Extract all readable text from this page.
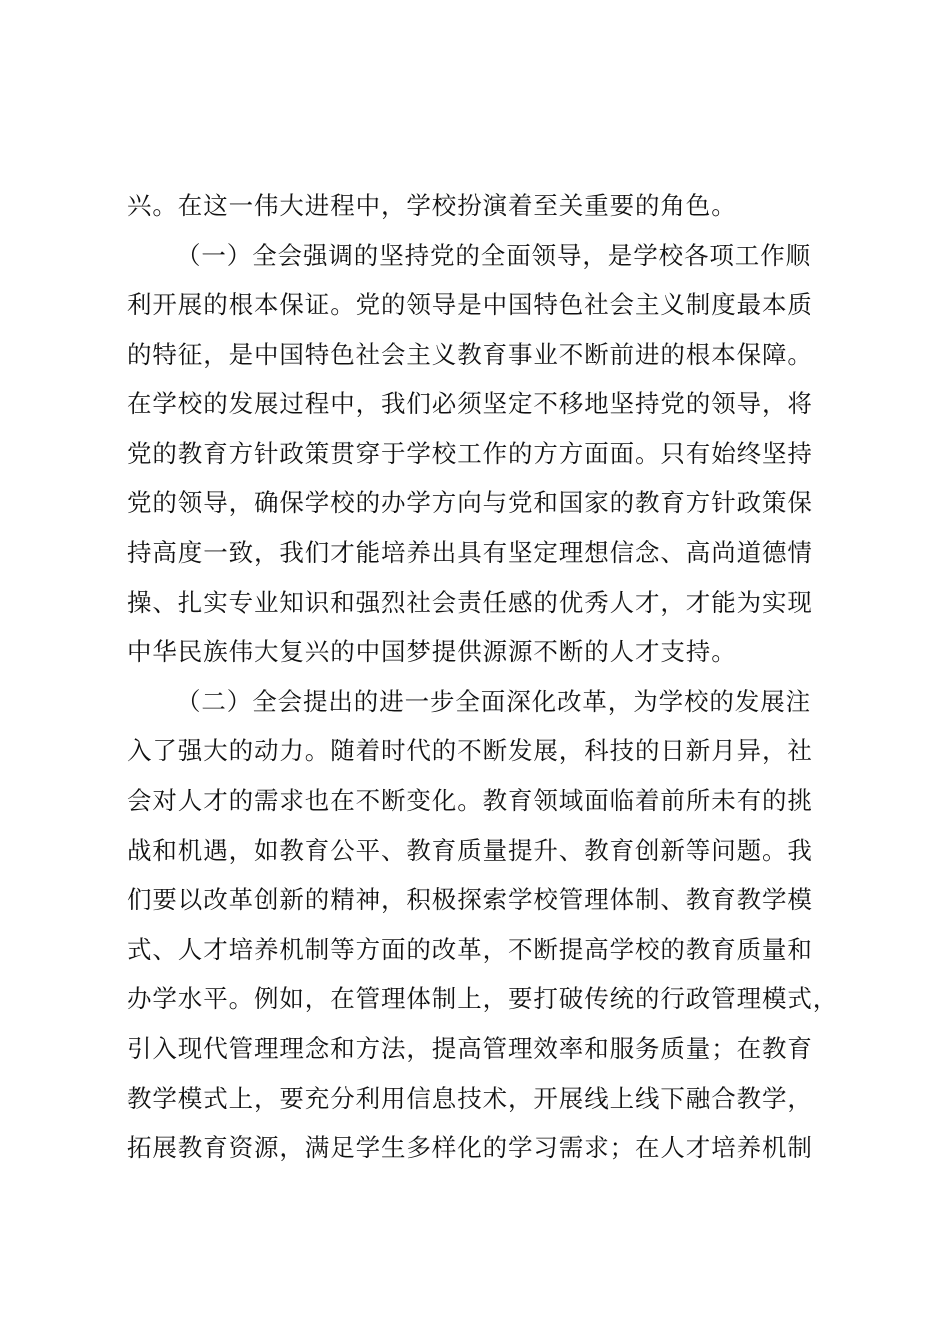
兴。在这一伟大进程中，学校扮演着至关重要的角色。
（一）全会强调的坚持党的全面领导，是学校各项工作顺
利开展的根本保证。党的领导是中国特色社会主义制度最本质
的特征，是中国特色社会主义教育事业不断前进的根本保障。
在学校的发展过程中，我们必须坚定不移地坚持党的领导，将
党的教育方针政策贯穿于学校工作的方方面面。只有始终坚持
党的领导，确保学校的办学方向与党和国家的教育方针政策保
持高度一致，我们才能培养出具有坚定理想信念、高尚道德情
操、扎实专业知识和强烈社会责任感的优秀人才，才能为实现
中华民族伟大复兴的中国梦提供源源不断的人才支持。
（二）全会提出的进一步全面深化改革，为学校的发展注
入了强大的动力。随着时代的不断发展，科技的日新月异，社
会对人才的需求也在不断变化。教育领域面临着前所未有的挑
战和机遇，如教育公平、教育质量提升、教育创新等问题。我
们要以改革创新的精神，积极探索学校管理体制、教育教学模
式、人才培养机制等方面的改革，不断提高学校的教育质量和
办学水平。例如，在管理体制上，要打破传统的行政管理模式，
引入现代管理理念和方法，提高管理效率和服务质量；在教育
教学模式上，要充分利用信息技术，开展线上线下融合教学，
拓展教育资源，满足学生多样化的学习需求；在人才培养机制
